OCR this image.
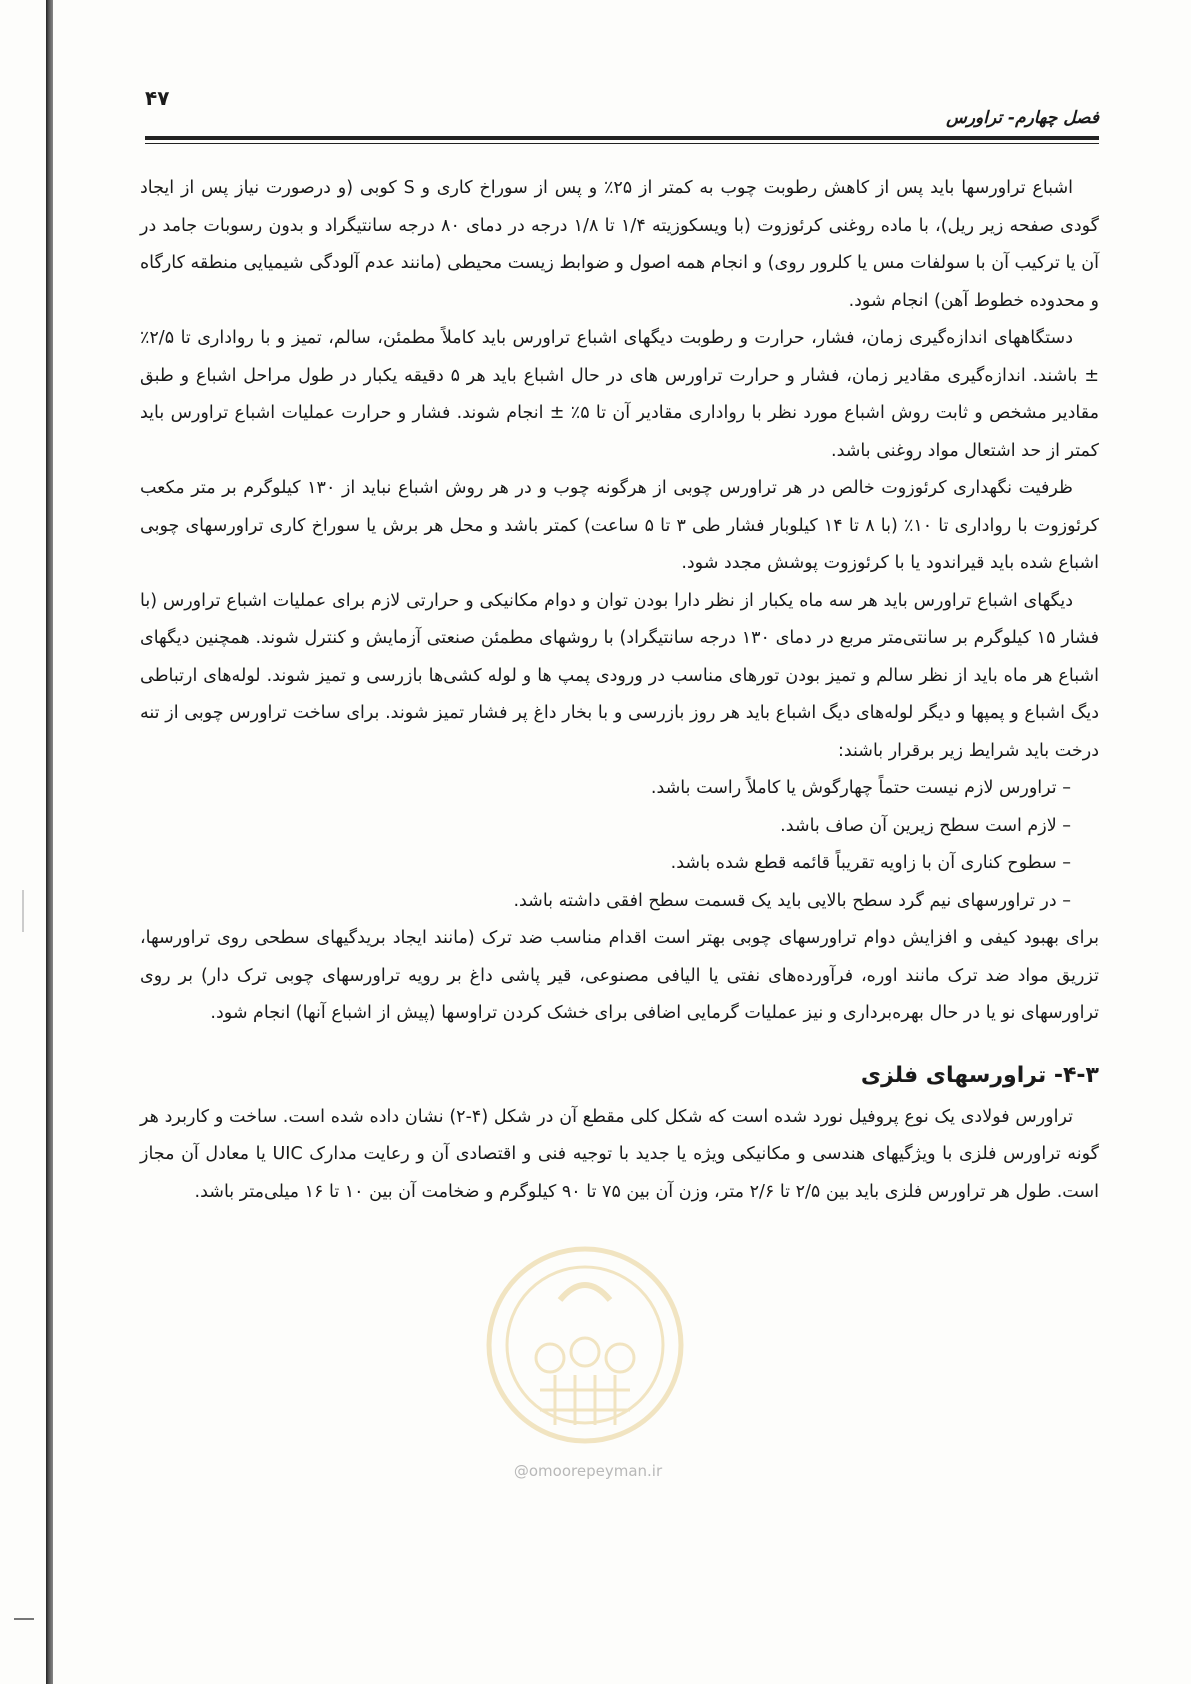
۴۷
فصل چهارم- تراورس

اشباع تراورسها باید پس از کاهش رطوبت چوب به کمتر از ۲۵٪ و پس از سوراخ کاری و S کوبی (و درصورت نیاز پس از ایجاد گودی صفحه زیر ریل)، با ماده روغنی کرئوزوت (با ویسکوزیته ۱/۴ تا ۱/۸ درجه در دمای ۸۰ درجه سانتیگراد و بدون رسوبات جامد در آن یا ترکیب آن با سولفات مس یا کلرور روی) و انجام همه اصول و ضوابط زیست محیطی (مانند عدم آلودگی شیمیایی منطقه کارگاه و محدوده خطوط آهن) انجام شود.

دستگاههای اندازه‌گیری زمان، فشار، حرارت و رطوبت دیگهای اشباع تراورس باید کاملاً مطمئن، سالم، تمیز و با رواداری تا ۲/۵٪ ± باشند. اندازه‌گیری مقادیر زمان، فشار و حرارت تراورس های در حال اشباع باید هر ۵ دقیقه یکبار در طول مراحل اشباع و طبق مقادیر مشخص و ثابت روش اشباع مورد نظر با رواداری مقادیر آن تا ۵٪ ± انجام شوند. فشار و حرارت عملیات اشباع تراورس باید کمتر از حد اشتعال مواد روغنی باشد.

ظرفیت نگهداری کرئوزوت خالص در هر تراورس چوبی از هرگونه چوب و در هر روش اشباع نباید از ۱۳۰ کیلوگرم بر متر مکعب کرئوزوت با رواداری تا ۱۰٪ (با ۸ تا ۱۴ کیلوبار فشار طی ۳ تا ۵ ساعت) کمتر باشد و محل هر برش یا سوراخ کاری تراورسهای چوبی اشباع شده باید قیراندود یا با کرئوزوت پوشش مجدد شود.

دیگهای اشباع تراورس باید هر سه ماه یکبار از نظر دارا بودن توان و دوام مکانیکی و حرارتی لازم برای عملیات اشباع تراورس (با فشار ۱۵ کیلوگرم بر سانتی‌متر مربع در دمای ۱۳۰ درجه سانتیگراد) با روشهای مطمئن صنعتی آزمایش و کنترل شوند. همچنین دیگهای اشباع هر ماه باید از نظر سالم و تمیز بودن تورهای مناسب در ورودی پمپ ها و لوله کشی‌ها بازرسی و تمیز شوند. لوله‌های ارتباطی دیگ اشباع و پمپها و دیگر لوله‌های دیگ اشباع باید هر روز بازرسی و با بخار داغ پر فشار تمیز شوند. برای ساخت تراورس چوبی از تنه درخت باید شرایط زیر برقرار باشند:

– تراورس لازم نیست حتماً چهارگوش یا کاملاً راست باشد.
– لازم است سطح زیرین آن صاف باشد.
– سطوح کناری آن با زاویه تقریباً قائمه قطع شده باشد.
– در تراورسهای نیم گرد سطح بالایی باید یک قسمت سطح افقی داشته باشد.

برای بهبود کیفی و افزایش دوام تراورسهای چوبی بهتر است اقدام مناسب ضد ترک (مانند ایجاد بریدگیهای سطحی روی تراورسها، تزریق مواد ضد ترک مانند اوره، فرآورده‌های نفتی یا الیافی مصنوعی، قیر پاشی داغ بر رویه تراورسهای چوبی ترک دار) بر روی تراورسهای نو یا در حال بهره‌برداری و نیز عملیات گرمایی اضافی برای خشک کردن تراوسها (پیش از اشباع آنها) انجام شود.

۴-۳- تراورسهای فلزی

تراورس فولادی یک نوع پروفیل نورد شده است که شکل کلی مقطع آن در شکل (۴-۲) نشان داده شده است. ساخت و کاربرد هر گونه تراورس فلزی با ویژگیهای هندسی و مکانیکی ویژه یا جدید با توجیه فنی و اقتصادی آن و رعایت مدارک UIC یا معادل آن مجاز است. طول هر تراورس فلزی باید بین ۲/۵ تا ۲/۶ متر، وزن آن بین ۷۵ تا ۹۰ کیلوگرم و ضخامت آن بین ۱۰ تا ۱۶ میلی‌متر باشد.

@omoorepeyman.ir
